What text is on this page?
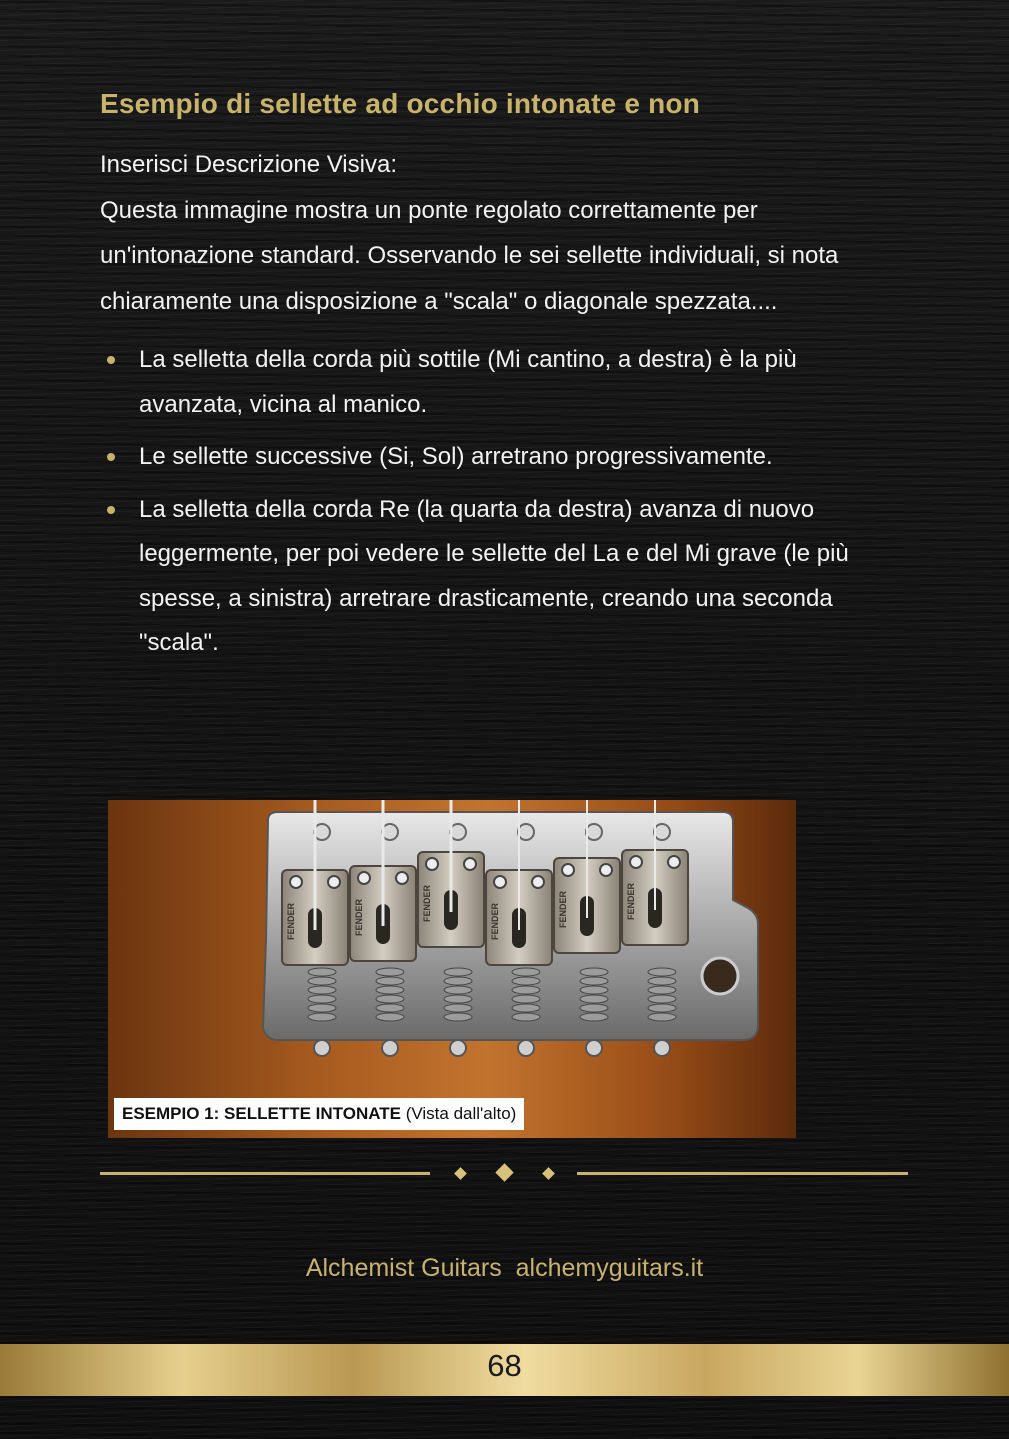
Esempio di sellette ad occhio intonate e non

Inserisci Descrizione Visiva:
Questa immagine mostra un ponte regolato correttamente per
un'intonazione standard. Osservando le sei sellette individuali, si nota
chiaramente una disposizione a "scala" o diagonale spezzata....

La selletta della corda più sottile (Mi cantino, a destra) è la più avanzata, vicina al manico.
Le sellette successive (Si, Sol) arretrano progressivamente.
La selletta della corda Re (la quarta da destra) avanza di nuovo leggermente, per poi vedere le sellette del La e del Mi grave (le più spesse, a sinistra) arretrare drasticamente, creando una seconda "scala".
FENDER	FENDER	FENDER	FENDER	FENDER	FENDER
ESEMPIO 1: SELLETTE INTONATE (Vista dall'alto)
Alchemist Guitars alchemyguitars.it
68
